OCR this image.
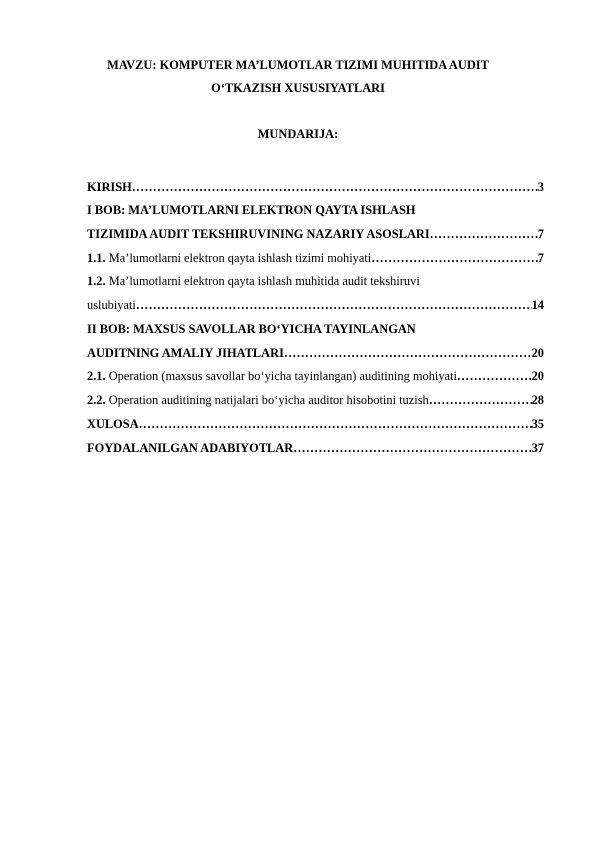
MAVZU: KOMPUTER MA’LUMOTLAR TIZIMI MUHITIDA AUDIT
O‘TKAZISH XUSUSIYATLARI
MUNDARIJA:
KIRISH …………………………………………………………………………………………………………………………………………	3
I BOB: MA’LUMOTLARNI ELEKTRON QAYTA ISHLASH
TIZIMIDA AUDIT TEKSHIRUVINING NAZARIY ASOSLARI …………………………………………………………………………………………………………………………………………	7
1.1. Ma’lumotlarni elektron qayta ishlash tizimi mohiyati …………………………………………………………………………………………………………………………………………	7
1.2. Ma’lumotlarni elektron qayta ishlash muhitida audit tekshiruvi
uslubiyati …………………………………………………………………………………………………………………………………………	14
II BOB: MAXSUS SAVOLLAR BO‘YICHA TAYINLANGAN
AUDITNING AMALIY JIHATLARI …………………………………………………………………………………………………………………………………………	20
2.1. Operation (maxsus savollar bo‘yicha tayinlangan) auditining mohiyati …………………………………………………………………………………………………………………………………………	20
2.2. Operation auditining natijalari bo‘yicha auditor hisobotini tuzish …………………………………………………………………………………………………………………………………………	28
XULOSA …………………………………………………………………………………………………………………………………………	35
FOYDALANILGAN ADABIYOTLAR …………………………………………………………………………………………………………………………………………	37
